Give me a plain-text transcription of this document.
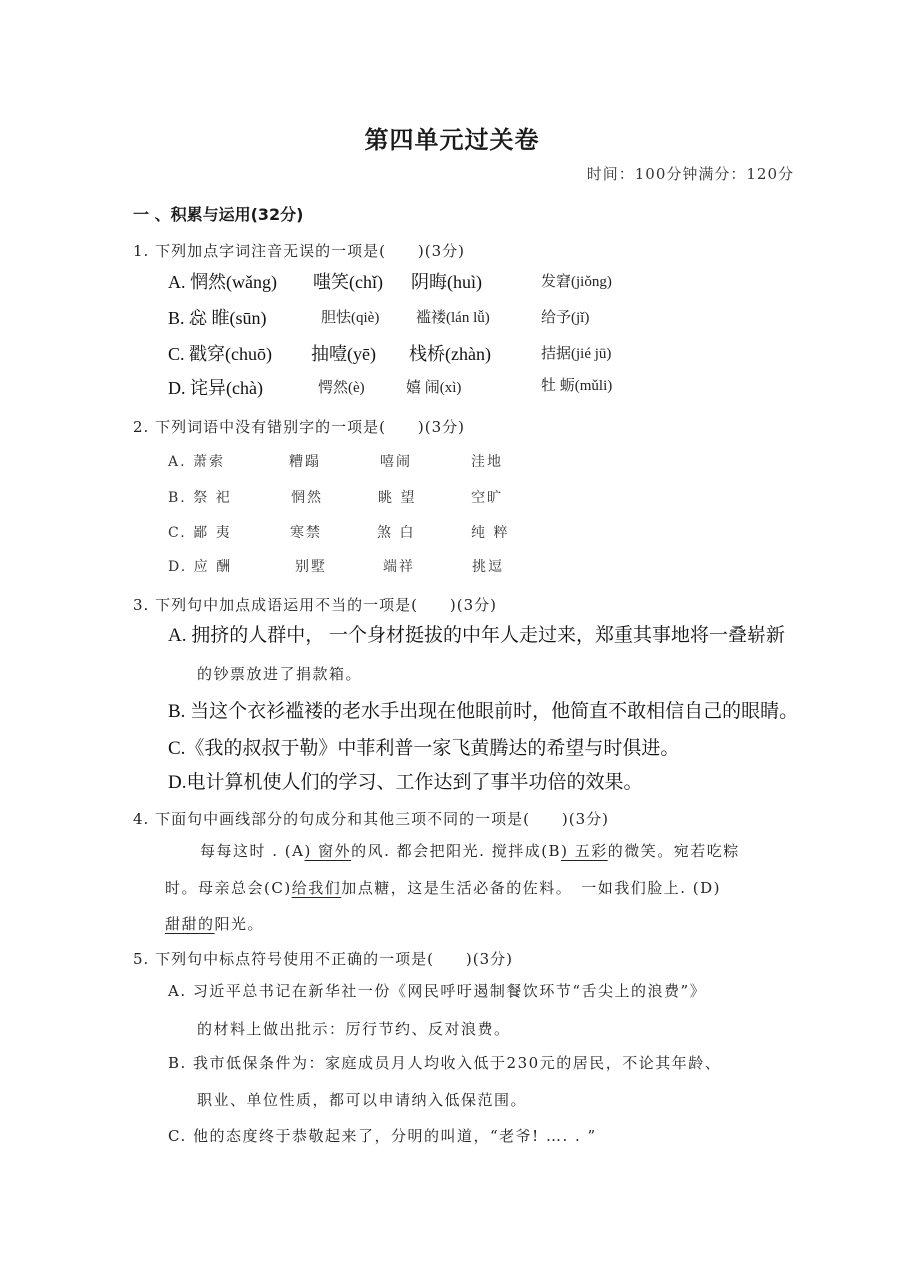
第四单元过关卷
时间：100分钟满分：120分
一 、积累与运用(32分)
1. 下列加点字词注音无误的一项是(　　)(3分)
A. 惘然(wǎng) 嗤笑(chǐ) 阴晦(huì)	发窘(jiǒng)
B. 惢 睢(sūn)	胆怯(qiè) 褴褛(lán lǚ)	给予(jǐ)
C. 戳穿(chuō) 抽噎(yē) 栈桥(zhàn)	拮据(jié jū)
D. 诧异(chà)	愕然(è)	嬉 闹(xì)	牡 蛎(mǔli)
2. 下列词语中没有错别字的一项是(　　)(3分)
A. 萧索	糟蹋	嘻闹	洼地
B. 祭 祀	惘然	眺 望	空旷
C. 鄙 夷	寒禁	煞 白	纯 粹
D. 应 酬	别墅	端祥	挑逗
3. 下列句中加点成语运用不当的一项是(　　)(3分)
A. 拥挤的人群中， 一个身材挺拔的中年人走过来，郑重其事地将一叠崭新
的钞票放进了捐款箱。
B. 当这个衣衫褴褛的老水手出现在他眼前时，他简直不敢相信自己的眼睛。
C.《我的叔叔于勒》中菲利普一家飞黄腾达的希望与时俱进。
D.电计算机使人们的学习、工作达到了事半功倍的效果。
4. 下面句中画线部分的句成分和其他三项不同的一项是(　　)(3分)
每每这时 . (A) 窗外的风. 都会把阳光. 搅拌成(B) 五彩的微笑。宛若吃粽
时。母亲总会(C)给我们加点糖，这是生活必备的佐料。　一如我们脸上. (D)
甜甜的阳光。
5. 下列句中标点符号使用不正确的一项是(　　)(3分)
A. 习近平总书记在新华社一份《网民呼吁遏制餐饮环节“舌尖上的浪费”》
的材料上做出批示：厉行节约、反对浪费。
B. 我市低保条件为：家庭成员月人均收入低于230元的居民，不论其年龄、
职业、单位性质，都可以申请纳入低保范围。
C. 他的态度终于恭敬起来了，分明的叫道，“老爷! …. . ”
